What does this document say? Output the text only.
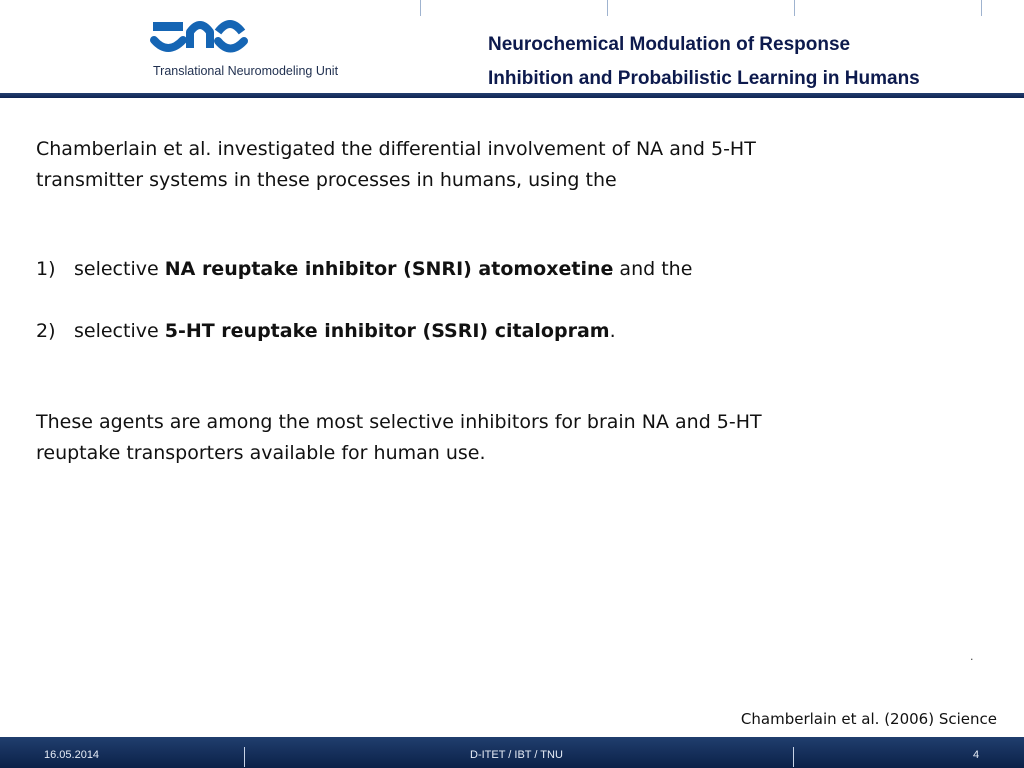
Translational Neuromodeling Unit
Neurochemical Modulation of Response
Inhibition and Probabilistic Learning in Humans

Chamberlain et al. investigated the differential involvement of NA and 5-HT
transmitter systems in these processes in humans, using the

1) selective NA reuptake inhibitor (SNRI) atomoxetine and the

2) selective 5-HT reuptake inhibitor (SSRI) citalopram.

These agents are among the most selective inhibitors for brain NA and 5-HT
reuptake transporters available for human use.

.
Chamberlain et al. (2006) Science
16.05.2014	D-ITET / IBT / TNU	4
